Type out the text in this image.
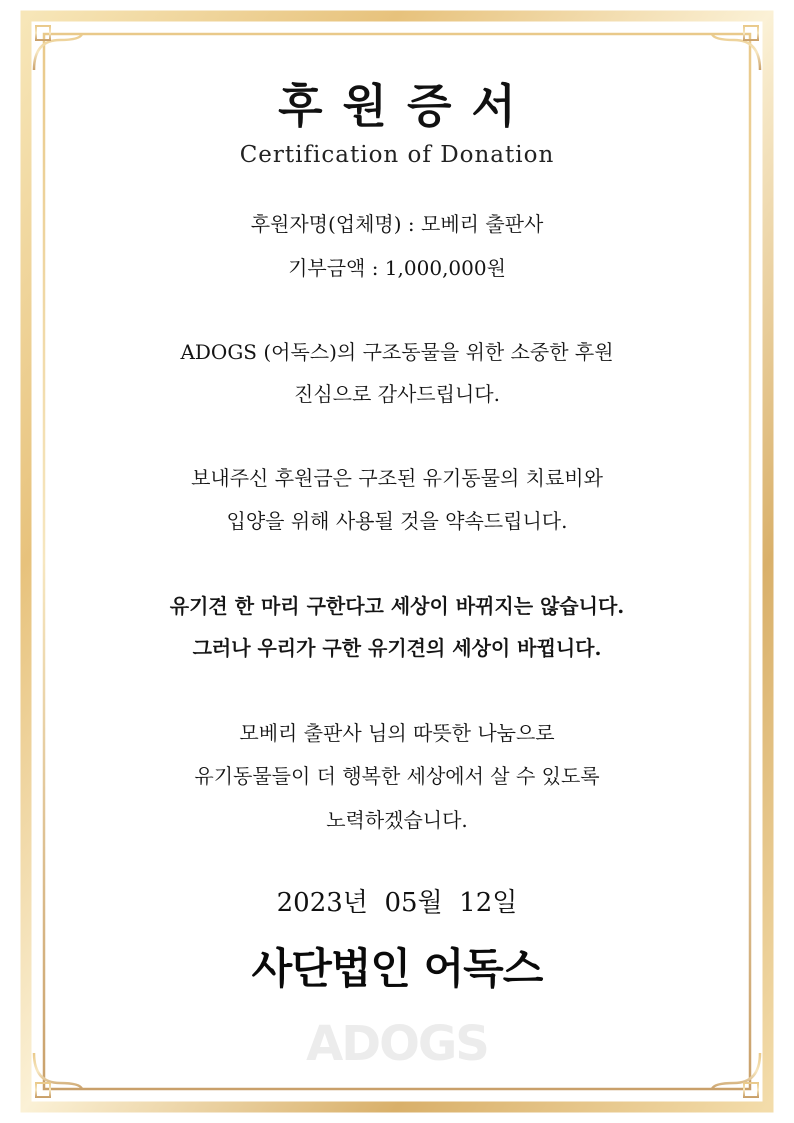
후원증서
Certification of Donation
후원자명(업체명) : 모베리 출판사
기부금액 : 1,000,000원
ADOGS (어독스)의 구조동물을 위한 소중한 후원
진심으로 감사드립니다.
보내주신 후원금은 구조된 유기동물의 치료비와
입양을 위해 사용될 것을 약속드립니다.
유기견 한 마리 구한다고 세상이 바뀌지는 않습니다.
그러나 우리가 구한 유기견의 세상이 바뀝니다.
모베리 출판사 님의 따뜻한 나눔으로
유기동물들이 더 행복한 세상에서 살 수 있도록
노력하겠습니다.
2023년  05월  12일
사단법인 어독스
ADOGS
